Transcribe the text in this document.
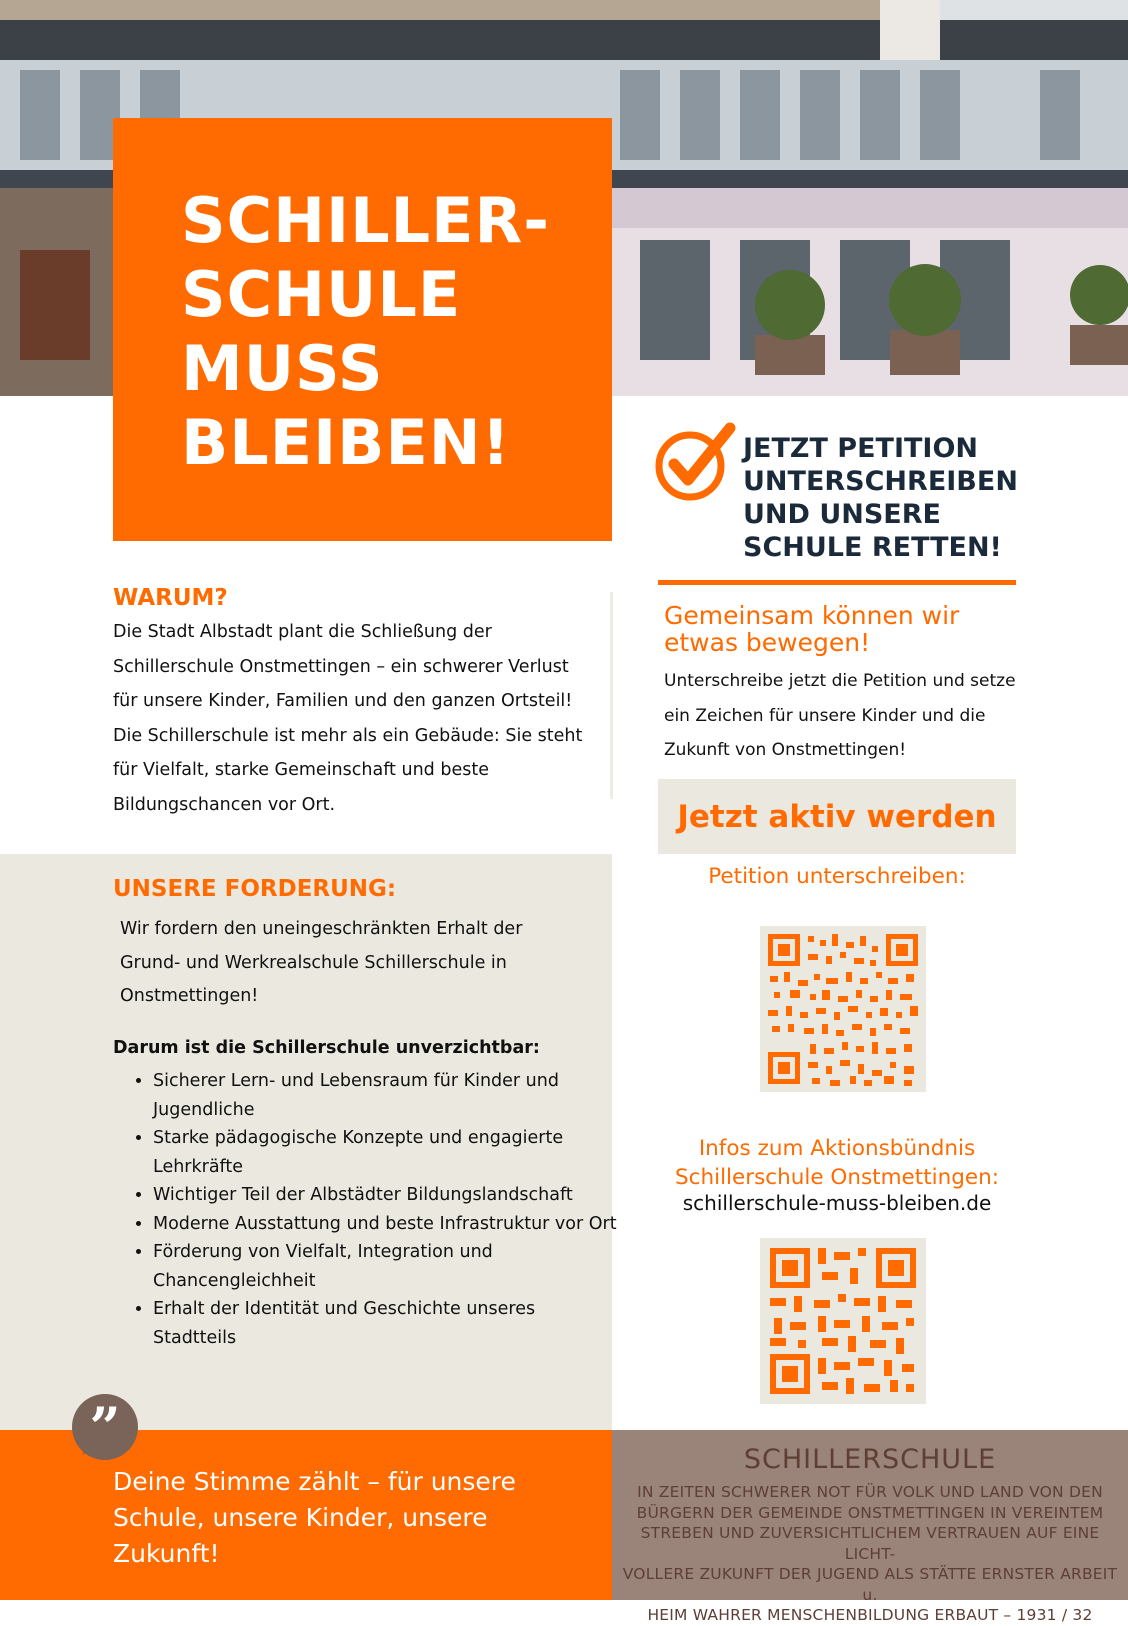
SCHILLER-
SCHULE
MUSS
BLEIBEN!
WARUM?

Die Stadt Albstadt plant die Schließung der Schillerschule Onstmettingen – ein schwerer Verlust für unsere Kinder, Familien und den ganzen Ortsteil! Die Schillerschule ist mehr als ein Gebäude: Sie steht für Vielfalt, starke Gemeinschaft und beste Bildungschancen vor Ort.

UNSERE FORDERUNG:

Wir fordern den uneingeschränkten Erhalt der Grund- und Werkrealschule Schillerschule in Onstmettingen!

Darum ist die Schillerschule unverzichtbar:

• Sicherer Lern- und Lebensraum für Kinder und Jugendliche
• Starke pädagogische Konzepte und engagierte Lehrkräfte
• Wichtiger Teil der Albstädter Bildungslandschaft
• Moderne Ausstattung und beste Infrastruktur vor Ort
• Förderung von Vielfalt, Integration und Chancengleichheit
• Erhalt der Identität und Geschichte unseres Stadtteils
”

Deine Stimme zählt – für unsere Schule, unsere Kinder, unsere Zukunft!

JETZT PETITION
UNTERSCHREIBEN
UND UNSERE
SCHULE RETTEN!

Gemeinsam können wir etwas bewegen!

Unterschreibe jetzt die Petition und setze ein Zeichen für unsere Kinder und die Zukunft von Onstmettingen!

Jetzt aktiv werden

Petition unterschreiben:

Infos zum Aktionsbündnis Schillerschule Onstmettingen:

schillerschule-muss-bleiben.de

SCHILLERSCHULE

IN ZEITEN SCHWERER NOT FÜR VOLK UND LAND VON DEN
BÜRGERN DER GEMEINDE ONSTMETTINGEN IN VEREINTEM
STREBEN UND ZUVERSICHTLICHEM VERTRAUEN AUF EINE LICHT-
VOLLERE ZUKUNFT DER JUGEND ALS STÄTTE ERNSTER ARBEIT u.
HEIM WAHRER MENSCHENBILDUNG ERBAUT – 1931 / 32
